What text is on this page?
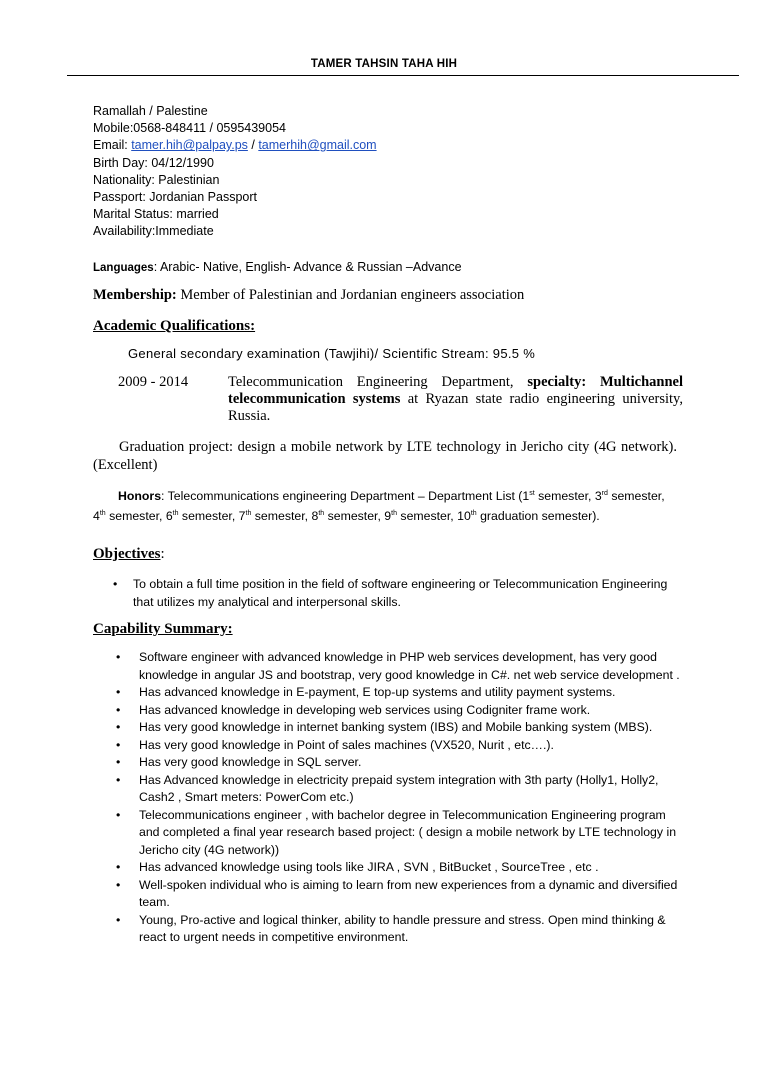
TAMER TAHSIN TAHA HIH
Ramallah / Palestine
Mobile:0568-848411 / 0595439054
Email: tamer.hih@palpay.ps / tamerhih@gmail.com
Birth Day: 04/12/1990
Nationality: Palestinian
Passport: Jordanian Passport
Marital Status: married
Availability:Immediate
Languages: Arabic- Native, English- Advance & Russian –Advance
Membership: Member of Palestinian and Jordanian engineers association
Academic Qualifications:
General secondary examination (Tawjihi)/ Scientific Stream: 95.5 %
2009 - 2014	Telecommunication Engineering Department, specialty: Multichannel telecommunication systems at Ryazan state radio engineering university, Russia.
Graduation project: design a mobile network by LTE technology in Jericho city (4G network). (Excellent)
Honors: Telecommunications engineering Department – Department List (1st semester, 3rd semester, 4th semester, 6th semester, 7th semester, 8th semester, 9th semester, 10th graduation semester).
Objectives:
• To obtain a full time position in the field of software engineering or Telecommunication Engineering that utilizes my analytical and interpersonal skills.
Capability Summary:
• Software engineer with advanced knowledge in PHP web services development, has very good knowledge in angular JS and bootstrap, very good knowledge in C#. net web service development .
• Has advanced knowledge in E-payment, E top-up systems and utility payment systems.
• Has advanced knowledge in developing web services using Codigniter frame work.
• Has very good knowledge in internet banking system (IBS) and Mobile banking system (MBS).
• Has very good knowledge in Point of sales machines (VX520, Nurit , etc….).
• Has very good knowledge in SQL server.
• Has Advanced knowledge in electricity prepaid system integration with 3th party (Holly1, Holly2, Cash2 , Smart meters: PowerCom etc.)
• Telecommunications engineer , with bachelor degree in Telecommunication Engineering program and completed a final year research based project: ( design a mobile network by LTE technology in Jericho city (4G network))
• Has advanced knowledge using tools like JIRA , SVN , BitBucket , SourceTree , etc .
• Well-spoken individual who is aiming to learn from new experiences from a dynamic and diversified team.
• Young, Pro-active and logical thinker, ability to handle pressure and stress. Open mind thinking & react to urgent needs in competitive environment.
